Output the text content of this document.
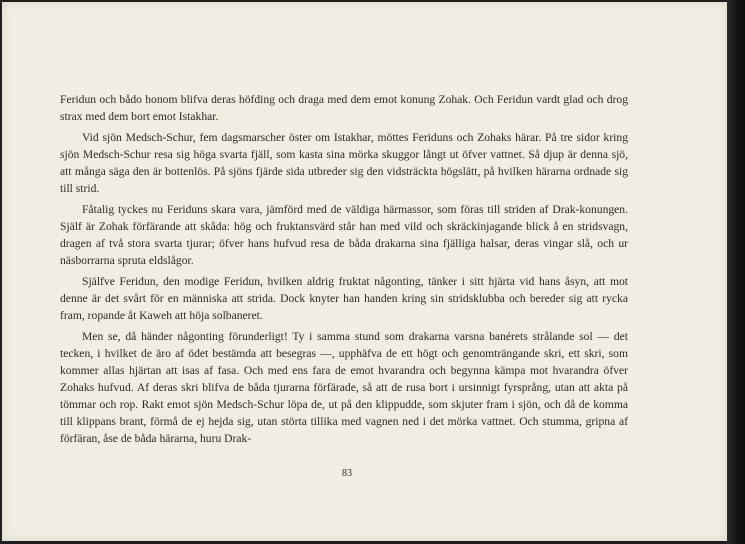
Feridun och bådo honom blifva deras höfding och draga med dem emot konung Zohak. Och Feridun vardt glad och drog strax med dem bort emot Istakhar.

Vid sjön Medsch-Schur, fem dagsmarscher öster om Istakhar, möttes Feriduns och Zohaks härar. På tre sidor kring sjön Medsch-Schur resa sig höga svarta fjäll, som kasta sina mörka skuggor långt ut öfver vattnet. Så djup är denna sjö, att många säga den är bottenlös. På sjöns fjärde sida utbreder sig den vidsträckta högslätt, på hvilken härarna ordnade sig till strid.

Fåtalig tyckes nu Feriduns skara vara, jämförd med de väldiga härmassor, som föras till striden af Drak-konungen. Själf är Zohak förfärande att skåda: hög och fruktansvärd står han med vild och skräckinjagande blick å en stridsvagn, dragen af två stora svarta tjurar; öfver hans hufvud resa de båda drakarna sina fjälliga halsar, deras vingar slå, och ur näsborrarna spruta eldslågor.

Själfve Feridun, den modige Feridun, hvilken aldrig fruktat någonting, tänker i sitt hjärta vid hans åsyn, att mot denne är det svårt för en människa att strida. Dock knyter han handen kring sin stridsklubba och bereder sig att rycka fram, ropande åt Kaweh att höja solbaneret.

Men se, då händer någonting förunderligt! Ty i samma stund som drakarna varsna banérets strålande sol — det tecken, i hvilket de äro af ödet bestämda att besegras —, upphäfva de ett högt och genomträngande skri, ett skri, som kommer allas hjärtan att isas af fasa. Och med ens fara de emot hvarandra och begynna kämpa mot hvarandra öfver Zohaks hufvud. Af deras skri blifva de båda tjurarna förfärade, så att de rusa bort i ursinnigt fyrsprång, utan att akta på tömmar och rop. Rakt emot sjön Medsch-Schur löpa de, ut på den klippudde, som skjuter fram i sjön, och då de komma till klippans brant, förmå de ej hejda sig, utan störta tillika med vagnen ned i det mörka vattnet. Och stumma, gripna af förfäran, åse de båda härarna, huru Drak-

83
